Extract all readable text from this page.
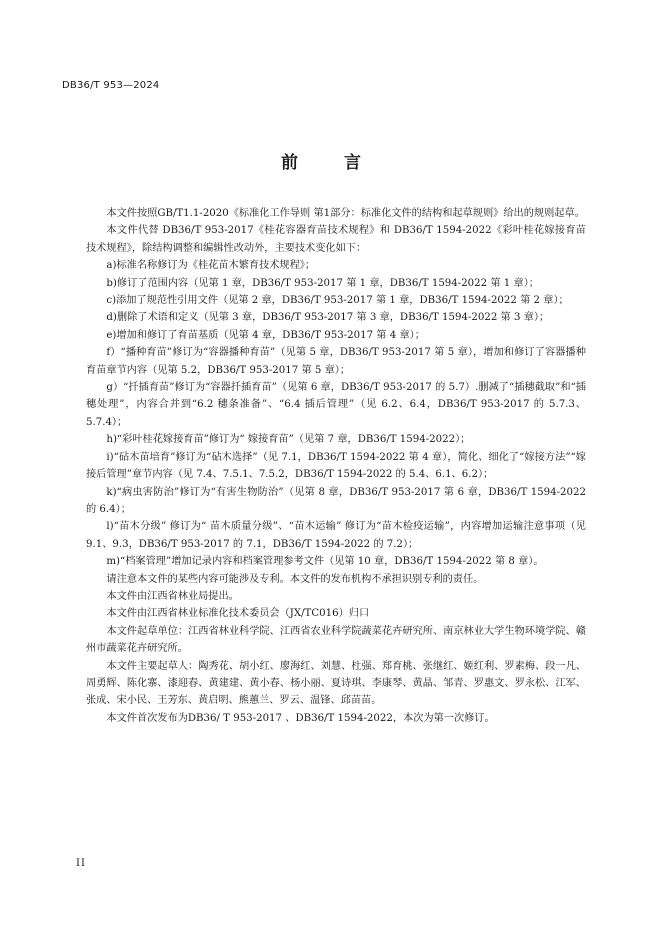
DB36/T 953—2024
前 言

本文件按照GB/T1.1-2020《标准化工作导则 第1部分：标准化文件的结构和起草规则》给出的规则起草。

本文件代替 DB36/T 953-2017《桂花容器育苗技术规程》和 DB36/T 1594-2022《彩叶桂花嫁接育苗技术规程》，除结构调整和编辑性改动外，主要技术变化如下：

a)标准名称修订为《桂花苗木繁育技术规程》；

b)修订了范围内容（见第 1 章，DB36/T 953-2017 第 1 章，DB36/T 1594-2022 第 1 章）；

c)添加了规范性引用文件（见第 2 章，DB36/T 953-2017 第 1 章，DB36/T 1594-2022 第 2 章）；

d)删除了术语和定义（见第 3 章，DB36/T 953-2017 第 3 章，DB36/T 1594-2022 第 3 章）；

e)增加和修订了育苗基质（见第 4 章，DB36/T 953-2017 第 4 章）；

f）“播种育苗”修订为“容器播种育苗”（见第 5 章，DB36/T 953-2017 第 5 章），增加和修订了容器播种育苗章节内容（见第 5.2，DB36/T 953-2017 第 5 章）；

g）“扦插育苗”修订为“容器扦插育苗”（见第 6 章，DB36/T 953-2017 的 5.7）.删减了“插穗截取”和“插穗处理”，内容合并到“6.2 穗条准备”、“6.4 插后管理”（见 6.2、6.4，DB36/T 953-2017 的 5.7.3、5.7.4）；

h)“彩叶桂花嫁接育苗”修订为“ 嫁接育苗”（见第 7 章，DB36/T 1594-2022）；

i)“砧木苗培育”修订为“砧木选择”（见 7.1，DB36/T 1594-2022 第 4 章），简化、细化了“嫁接方法”“嫁接后管理”章节内容（见 7.4、7.5.1、7.5.2，DB36/T 1594-2022 的 5.4、6.1、6.2）；

k)“病虫害防治”修订为“有害生物防治”（见第 8 章，DB36/T 953-2017 第 6 章，DB36/T 1594-2022 的 6.4）；

l)“苗木分级” 修订为“ 苗木质量分级”、“苗木运输” 修订为“苗木检疫运输”，内容增加运输注意事项（见 9.1、9.3，DB36/T 953-2017 的 7.1，DB36/T 1594-2022 的 7.2）；

m)“档案管理”增加记录内容和档案管理参考文件（见第 10 章，DB36/T 1594-2022 第 8 章）。

请注意本文件的某些内容可能涉及专利。本文件的发布机构不承担识别专利的责任。

本文件由江西省林业局提出。

本文件由江西省林业标准化技术委员会（JX/TC016）归口

本文件起草单位：江西省林业科学院、江西省农业科学院蔬菜花卉研究所、南京林业大学生物环境学院、赣州市蔬菜花卉研究所。

本文件主要起草人：陶秀花、胡小红、廖海红、刘慧、杜强、郑育桃、张继红、姬红利、罗素梅、段一凡、周勇辉、陈化寨、漆迎春、黄建建、黄小春、杨小丽、夏诗琪、李康琴、黄晶、邹青、罗惠文、罗永松、江军、张成、宋小民、王芳东、黄启明、熊蕙兰、罗云、温锋、邱苗苗。

本文件首次发布为DB36/ T 953-2017 、DB36/T 1594-2022，本次为第一次修订。

II
